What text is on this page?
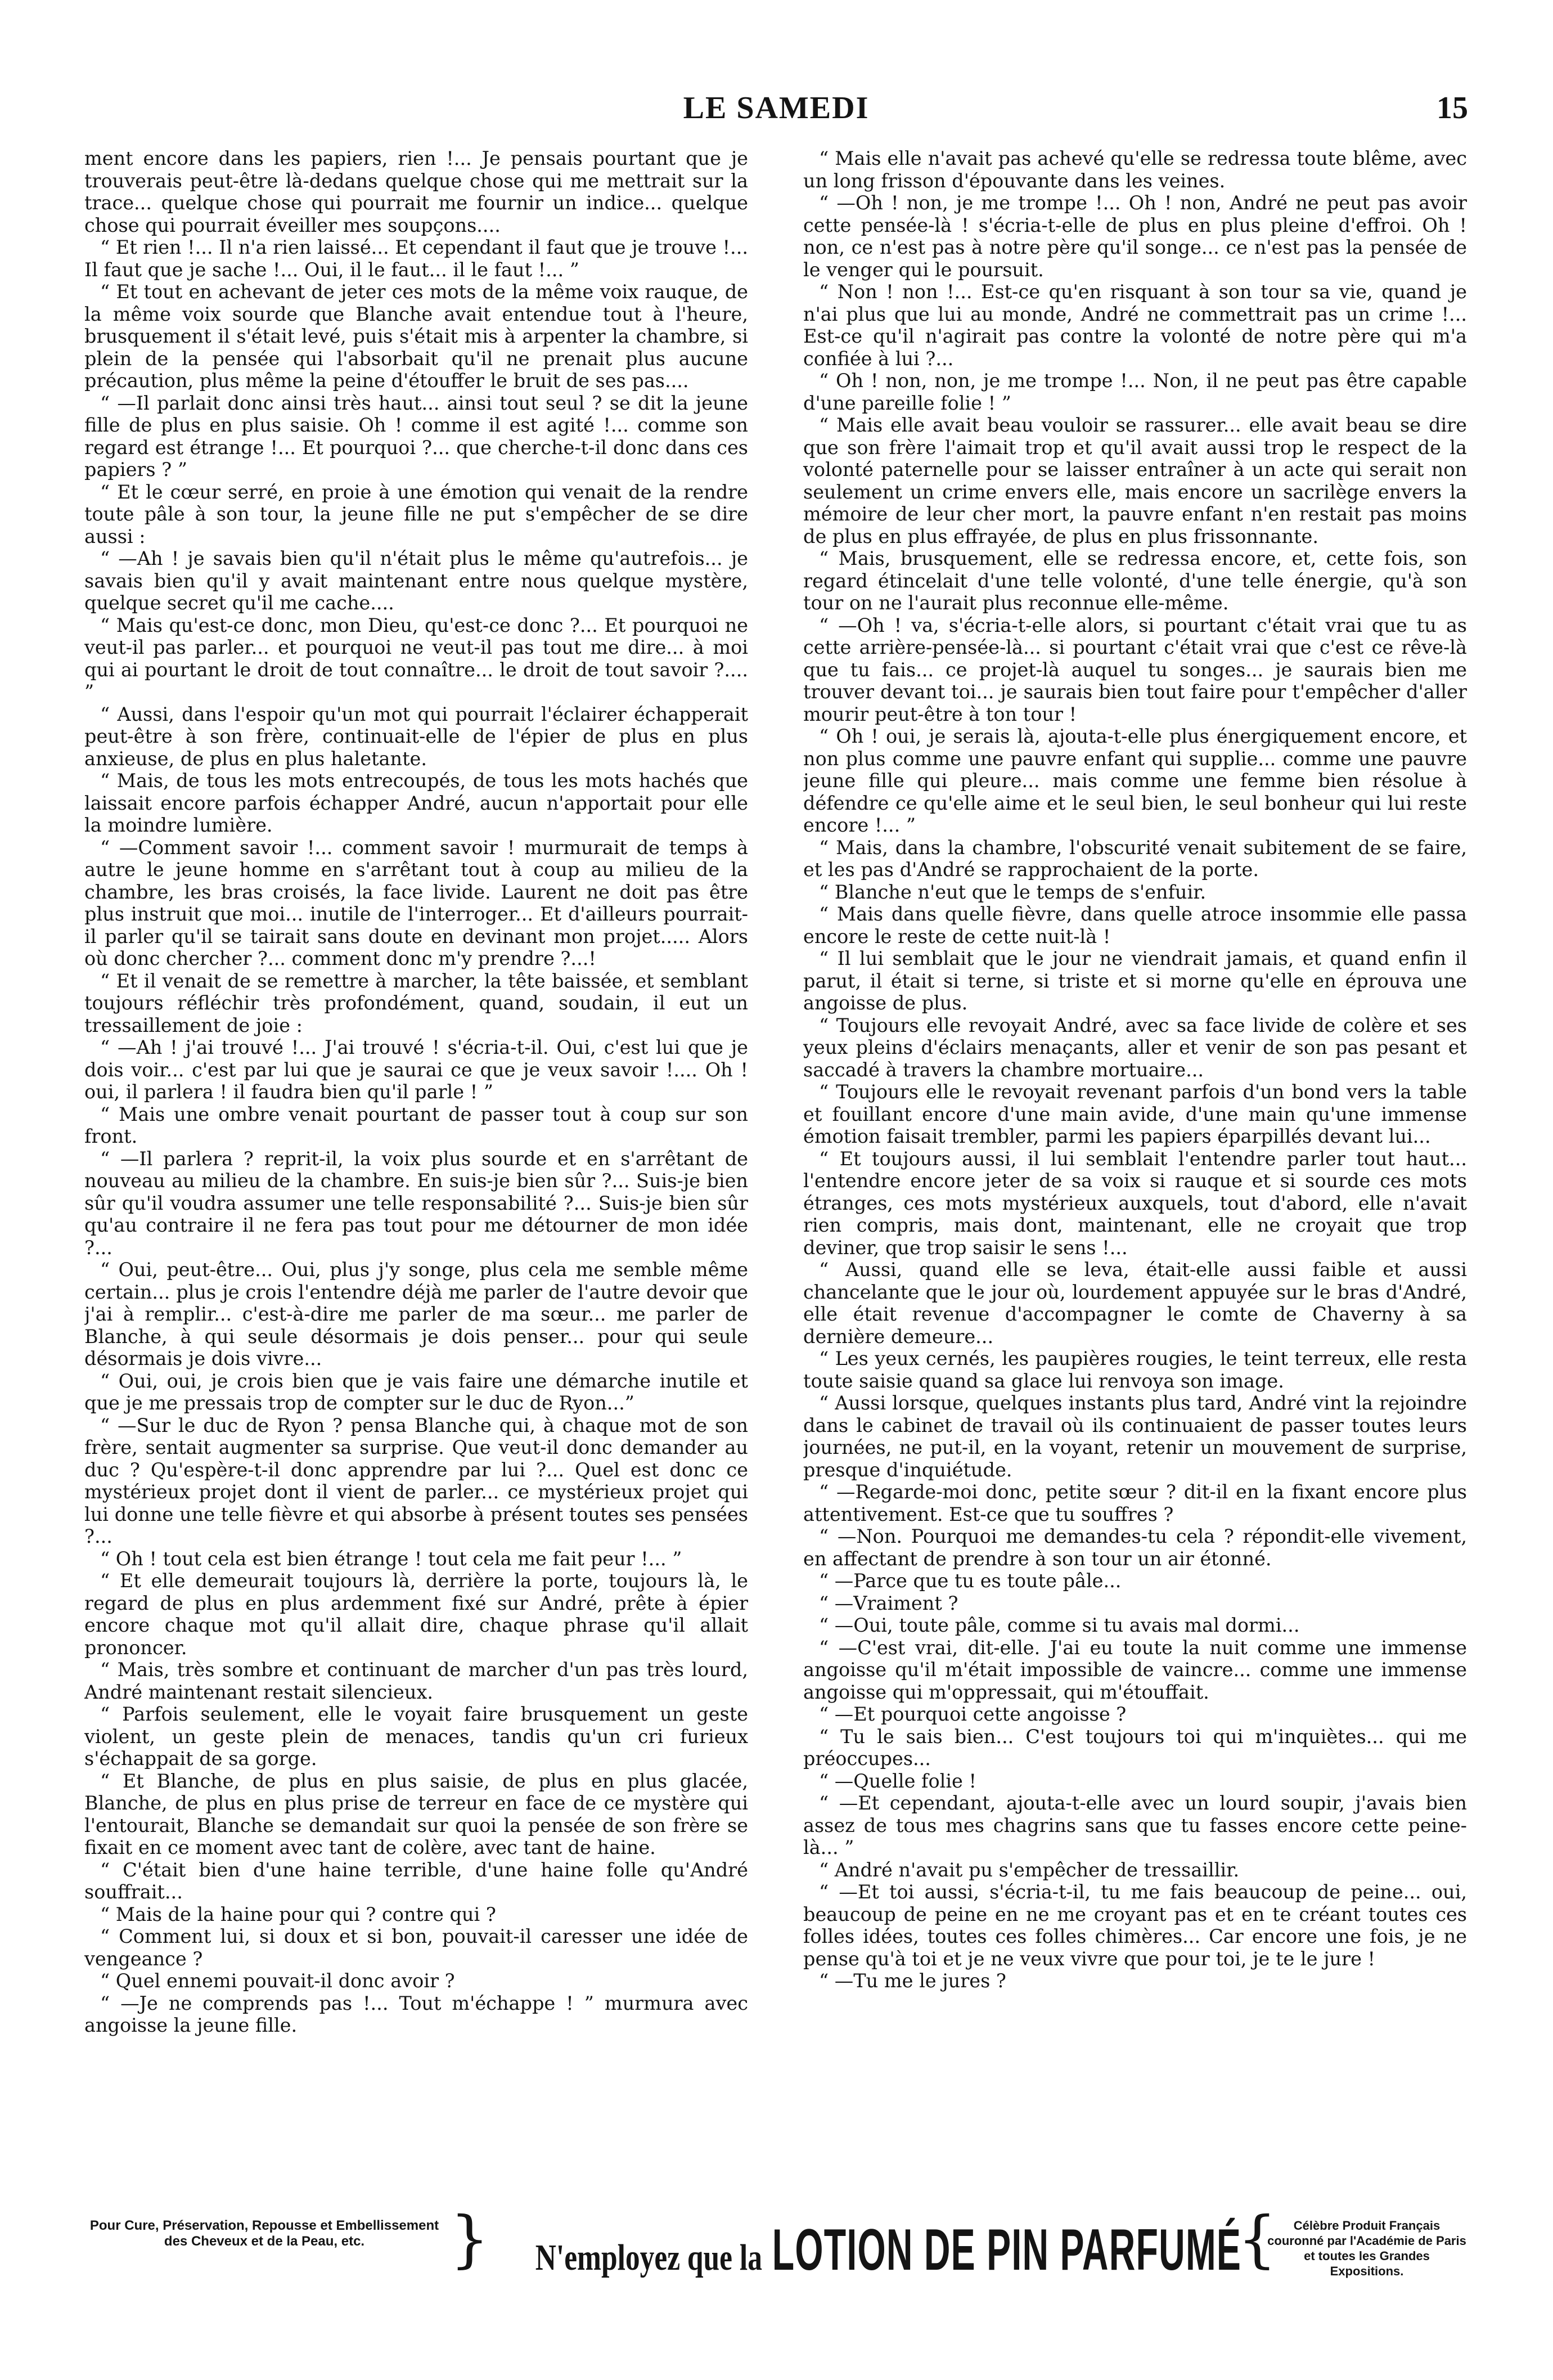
LE SAMEDI	15

ment encore dans les papiers, rien !... Je pensais pourtant que je trouverais peut-être là-dedans quelque chose qui me mettrait sur la trace... quelque chose qui pourrait me fournir un indice... quelque chose qui pourrait éveiller mes soupçons....

“ Et rien !... Il n'a rien laissé... Et cependant il faut que je trouve !... Il faut que je sache !... Oui, il le faut... il le faut !... ”

“ Et tout en achevant de jeter ces mots de la même voix rauque, de la même voix sourde que Blanche avait entendue tout à l'heure, brusquement il s'était levé, puis s'était mis à arpenter la chambre, si plein de la pensée qui l'absorbait qu'il ne prenait plus aucune précaution, plus même la peine d'étouffer le bruit de ses pas....

“ —Il parlait donc ainsi très haut... ainsi tout seul ? se dit la jeune fille de plus en plus saisie. Oh ! comme il est agité !... comme son regard est étrange !... Et pourquoi ?... que cherche-t-il donc dans ces papiers ? ”

“ Et le cœur serré, en proie à une émotion qui venait de la rendre toute pâle à son tour, la jeune fille ne put s'empêcher de se dire aussi :

“ —Ah ! je savais bien qu'il n'était plus le même qu'autrefois... je savais bien qu'il y avait maintenant entre nous quelque mystère, quelque secret qu'il me cache....

“ Mais qu'est-ce donc, mon Dieu, qu'est-ce donc ?... Et pourquoi ne veut-il pas parler... et pourquoi ne veut-il pas tout me dire... à moi qui ai pourtant le droit de tout connaître... le droit de tout savoir ?.... ”

“ Aussi, dans l'espoir qu'un mot qui pourrait l'éclairer échapperait peut-être à son frère, continuait-elle de l'épier de plus en plus anxieuse, de plus en plus haletante.

“ Mais, de tous les mots entrecoupés, de tous les mots hachés que laissait encore parfois échapper André, aucun n'apportait pour elle la moindre lumière.

“ —Comment savoir !... comment savoir ! murmurait de temps à autre le jeune homme en s'arrêtant tout à coup au milieu de la chambre, les bras croisés, la face livide. Laurent ne doit pas être plus instruit que moi... inutile de l'interroger... Et d'ailleurs pourrait-il parler qu'il se tairait sans doute en devinant mon projet..... Alors où donc chercher ?... comment donc m'y prendre ?...!

“ Et il venait de se remettre à marcher, la tête baissée, et semblant toujours réfléchir très profondément, quand, soudain, il eut un tressaillement de joie :

“ —Ah ! j'ai trouvé !... J'ai trouvé ! s'écria-t-il. Oui, c'est lui que je dois voir... c'est par lui que je saurai ce que je veux savoir !.... Oh ! oui, il parlera ! il faudra bien qu'il parle ! ”

“ Mais une ombre venait pourtant de passer tout à coup sur son front.

“ —Il parlera ? reprit-il, la voix plus sourde et en s'arrêtant de nouveau au milieu de la chambre. En suis-je bien sûr ?... Suis-je bien sûr qu'il voudra assumer une telle responsabilité ?... Suis-je bien sûr qu'au contraire il ne fera pas tout pour me détourner de mon idée ?...

“ Oui, peut-être... Oui, plus j'y songe, plus cela me semble même certain... plus je crois l'entendre déjà me parler de l'autre devoir que j'ai à remplir... c'est-à-dire me parler de ma sœur... me parler de Blanche, à qui seule désormais je dois penser... pour qui seule désormais je dois vivre...

“ Oui, oui, je crois bien que je vais faire une démarche inutile et que je me pressais trop de compter sur le duc de Ryon...”

“ —Sur le duc de Ryon ? pensa Blanche qui, à chaque mot de son frère, sentait augmenter sa surprise. Que veut-il donc demander au duc ? Qu'espère-t-il donc apprendre par lui ?... Quel est donc ce mystérieux projet dont il vient de parler... ce mystérieux projet qui lui donne une telle fièvre et qui absorbe à présent toutes ses pensées ?...

“ Oh ! tout cela est bien étrange ! tout cela me fait peur !... ”

“ Et elle demeurait toujours là, derrière la porte, toujours là, le regard de plus en plus ardemment fixé sur André, prête à épier encore chaque mot qu'il allait dire, chaque phrase qu'il allait prononcer.

“ Mais, très sombre et continuant de marcher d'un pas très lourd, André maintenant restait silencieux.

“ Parfois seulement, elle le voyait faire brusquement un geste violent, un geste plein de menaces, tandis qu'un cri furieux s'échappait de sa gorge.

“ Et Blanche, de plus en plus saisie, de plus en plus glacée, Blanche, de plus en plus prise de terreur en face de ce mystère qui l'entourait, Blanche se demandait sur quoi la pensée de son frère se fixait en ce moment avec tant de colère, avec tant de haine.

“ C'était bien d'une haine terrible, d'une haine folle qu'André souffrait...

“ Mais de la haine pour qui ? contre qui ?

“ Comment lui, si doux et si bon, pouvait-il caresser une idée de vengeance ?

“ Quel ennemi pouvait-il donc avoir ?

“ —Je ne comprends pas !... Tout m'échappe ! ” murmura avec angoisse la jeune fille.

“ Mais elle n'avait pas achevé qu'elle se redressa toute blême, avec un long frisson d'épouvante dans les veines.

“ —Oh ! non, je me trompe !... Oh ! non, André ne peut pas avoir cette pensée-là ! s'écria-t-elle de plus en plus pleine d'effroi. Oh ! non, ce n'est pas à notre père qu'il songe... ce n'est pas la pensée de le venger qui le poursuit.

“ Non ! non !... Est-ce qu'en risquant à son tour sa vie, quand je n'ai plus que lui au monde, André ne commettrait pas un crime !... Est-ce qu'il n'agirait pas contre la volonté de notre père qui m'a confiée à lui ?...

“ Oh ! non, non, je me trompe !... Non, il ne peut pas être capable d'une pareille folie ! ”

“ Mais elle avait beau vouloir se rassurer... elle avait beau se dire que son frère l'aimait trop et qu'il avait aussi trop le respect de la volonté paternelle pour se laisser entraîner à un acte qui serait non seulement un crime envers elle, mais encore un sacrilège envers la mémoire de leur cher mort, la pauvre enfant n'en restait pas moins de plus en plus effrayée, de plus en plus frissonnante.

“ Mais, brusquement, elle se redressa encore, et, cette fois, son regard étincelait d'une telle volonté, d'une telle énergie, qu'à son tour on ne l'aurait plus reconnue elle-même.

“ —Oh ! va, s'écria-t-elle alors, si pourtant c'était vrai que tu as cette arrière-pensée-là... si pourtant c'était vrai que c'est ce rêve-là que tu fais... ce projet-là auquel tu songes... je saurais bien me trouver devant toi... je saurais bien tout faire pour t'empêcher d'aller mourir peut-être à ton tour !

“ Oh ! oui, je serais là, ajouta-t-elle plus énergiquement encore, et non plus comme une pauvre enfant qui supplie... comme une pauvre jeune fille qui pleure... mais comme une femme bien résolue à défendre ce qu'elle aime et le seul bien, le seul bonheur qui lui reste encore !... ”

“ Mais, dans la chambre, l'obscurité venait subitement de se faire, et les pas d'André se rapprochaient de la porte.

“ Blanche n'eut que le temps de s'enfuir.

“ Mais dans quelle fièvre, dans quelle atroce insommie elle passa encore le reste de cette nuit-là !

“ Il lui semblait que le jour ne viendrait jamais, et quand enfin il parut, il était si terne, si triste et si morne qu'elle en éprouva une angoisse de plus.

“ Toujours elle revoyait André, avec sa face livide de colère et ses yeux pleins d'éclairs menaçants, aller et venir de son pas pesant et saccadé à travers la chambre mortuaire...

“ Toujours elle le revoyait revenant parfois d'un bond vers la table et fouillant encore d'une main avide, d'une main qu'une immense émotion faisait trembler, parmi les papiers éparpillés devant lui...

“ Et toujours aussi, il lui semblait l'entendre parler tout haut... l'entendre encore jeter de sa voix si rauque et si sourde ces mots étranges, ces mots mystérieux auxquels, tout d'abord, elle n'avait rien compris, mais dont, maintenant, elle ne croyait que trop deviner, que trop saisir le sens !...

“ Aussi, quand elle se leva, était-elle aussi faible et aussi chancelante que le jour où, lourdement appuyée sur le bras d'André, elle était revenue d'accompagner le comte de Chaverny à sa dernière demeure...

“ Les yeux cernés, les paupières rougies, le teint terreux, elle resta toute saisie quand sa glace lui renvoya son image.

“ Aussi lorsque, quelques instants plus tard, André vint la rejoindre dans le cabinet de travail où ils continuaient de passer toutes leurs journées, ne put-il, en la voyant, retenir un mouvement de surprise, presque d'inquiétude.

“ —Regarde-moi donc, petite sœur ? dit-il en la fixant encore plus attentivement. Est-ce que tu souffres ?

“ —Non. Pourquoi me demandes-tu cela ? répondit-elle vivement, en affectant de prendre à son tour un air étonné.

“ —Parce que tu es toute pâle...

“ —Vraiment ?

“ —Oui, toute pâle, comme si tu avais mal dormi...

“ —C'est vrai, dit-elle. J'ai eu toute la nuit comme une immense angoisse qu'il m'était impossible de vaincre... comme une immense angoisse qui m'oppressait, qui m'étouffait.

“ —Et pourquoi cette angoisse ?

“ Tu le sais bien... C'est toujours toi qui m'inquiètes... qui me préoccupes...

“ —Quelle folie !

“ —Et cependant, ajouta-t-elle avec un lourd soupir, j'avais bien assez de tous mes chagrins sans que tu fasses encore cette peine-là... ”

“ André n'avait pu s'empêcher de tressaillir.

“ —Et toi aussi, s'écria-t-il, tu me fais beaucoup de peine... oui, beaucoup de peine en ne me croyant pas et en te créant toutes ces folles idées, toutes ces folles chimères... Car encore une fois, je ne pense qu'à toi et je ne veux vivre que pour toi, je te le jure !

“ —Tu me le jures ?

Pour Cure, Préservation, Repousse et Embellissement des Cheveux et de la Peau, etc.	} N'employez que la LOTION DE PIN PARFUMÉ
{	Célèbre Produit Français couronné par l'Académie de Paris et toutes les Grandes Expositions.
